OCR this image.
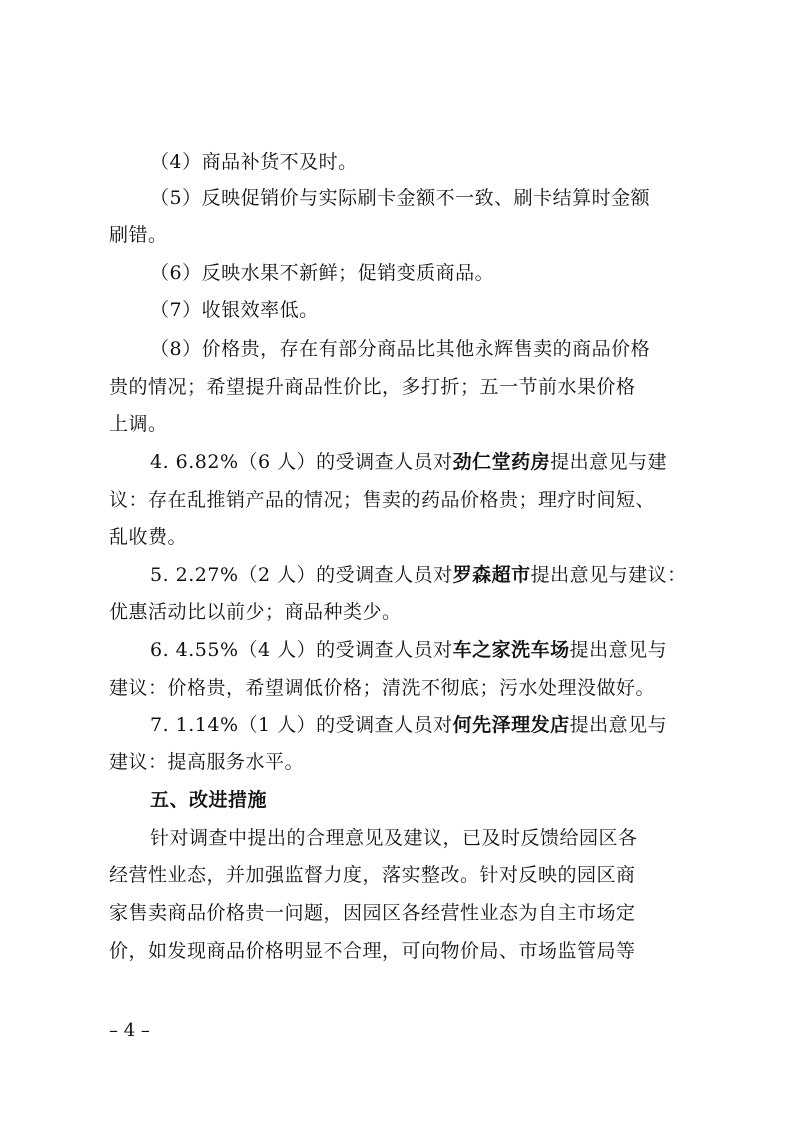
（4）商品补货不及时。
（5）反映促销价与实际刷卡金额不一致、刷卡结算时金额
刷错。
（6）反映水果不新鲜；促销变质商品。
（7）收银效率低。
（8）价格贵，存在有部分商品比其他永辉售卖的商品价格
贵的情况；希望提升商品性价比，多打折；五一节前水果价格
上调。
4. 6.82%（6 人）的受调查人员对劲仁堂药房提出意见与建
议：存在乱推销产品的情况；售卖的药品价格贵；理疗时间短、
乱收费。
5. 2.27%（2 人）的受调查人员对罗森超市提出意见与建议：
优惠活动比以前少；商品种类少。
6. 4.55%（4 人）的受调查人员对车之家洗车场提出意见与
建议：价格贵，希望调低价格；清洗不彻底；污水处理没做好。
7. 1.14%（1 人）的受调查人员对何先泽理发店提出意见与
建议：提高服务水平。
五、改进措施
针对调查中提出的合理意见及建议，已及时反馈给园区各
经营性业态，并加强监督力度，落实整改。针对反映的园区商
家售卖商品价格贵一问题，因园区各经营性业态为自主市场定
价，如发现商品价格明显不合理，可向物价局、市场监管局等
– 4 –
